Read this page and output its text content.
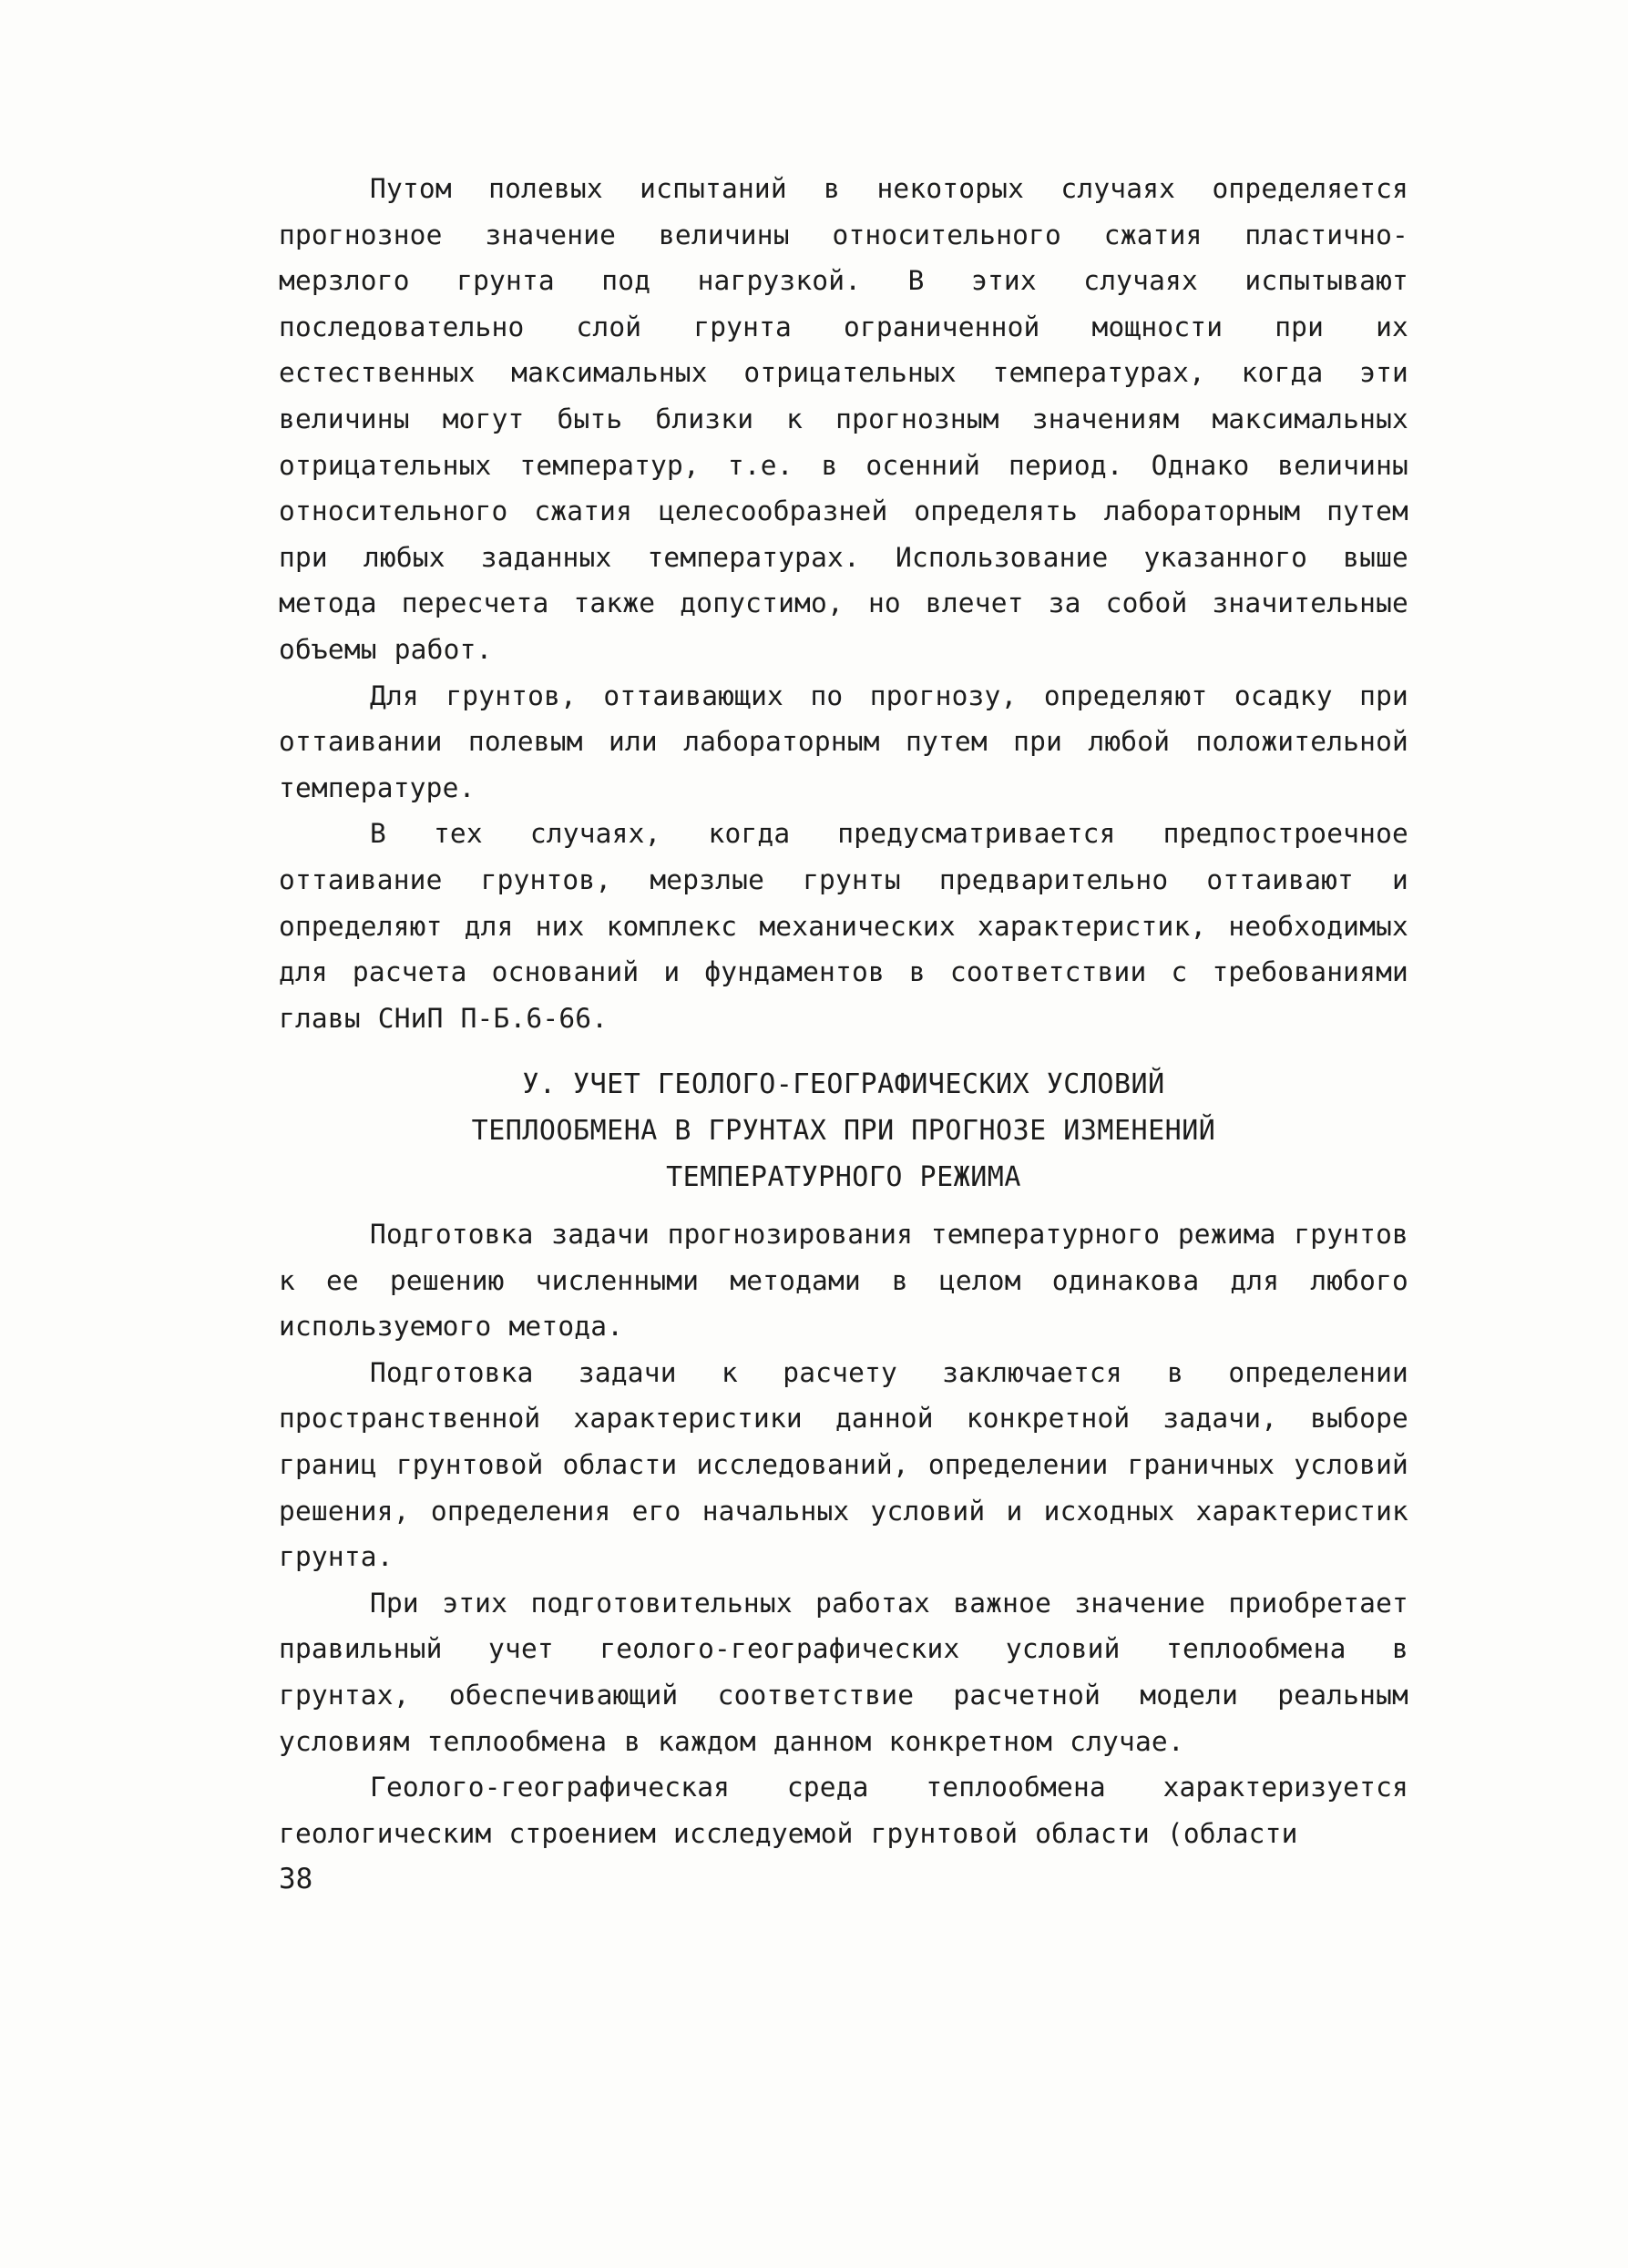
Путом полевых испытаний в некоторых случаях определяется прогнозное значение величины относительного сжатия пластично-мерзлого грунта под нагрузкой. В этих случаях испытывают последовательно слой грунта ограниченной мощности при их естественных максимальных отрицательных температурах, когда эти величины могут быть близки к прогнозным значениям максимальных отрицательных температур, т.е. в осенний период. Однако величины относительного сжатия целесообразней определять лабораторным путем при любых заданных температурах. Использование указанного выше метода пересчета также допустимо, но влечет за собой значительные объемы работ.

Для грунтов, оттаивающих по прогнозу, определяют осадку при оттаивании полевым или лабораторным путем при любой положительной температуре.

В тех случаях, когда предусматривается предпостроечное оттаивание грунтов, мерзлые грунты предварительно оттаивают и определяют для них комплекс механических характеристик, необходимых для расчета оснований и фундаментов в соответствии с требованиями главы СНиП П-Б.6-66.

У. УЧЕТ ГЕОЛОГО-ГЕОГРАФИЧЕСКИХ УСЛОВИЙ

ТЕПЛООБМЕНА В ГРУНТАХ ПРИ ПРОГНОЗЕ ИЗМЕНЕНИЙ

ТЕМПЕРАТУРНОГО РЕЖИМА

Подготовка задачи прогнозирования температурного режима грунтов к ее решению численными методами в целом одинакова для любого используемого метода.

Подготовка задачи к расчету заключается в определении пространственной характеристики данной конкретной задачи, выборе границ грунтовой области исследований, определении граничных условий решения, определения его начальных условий и исходных характеристик грунта.

При этих подготовительных работах важное значение приобретает правильный учет геолого-географических условий теплообмена в грунтах, обеспечивающий соответствие расчетной модели реальным условиям теплообмена в каждом данном конкретном случае.

Геолого-географическая среда теплообмена характеризуется геологическим строением исследуемой грунтовой области (области

38
